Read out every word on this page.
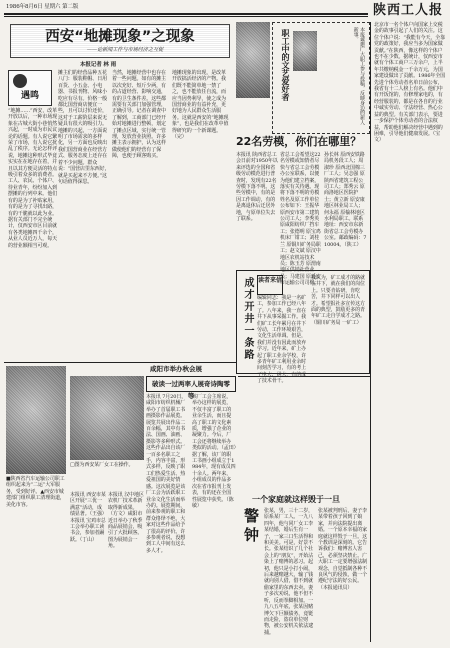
1986年8月6日 星期六 第二版	陕西工人报
西安“地摊现象”之现象
——论新闻工作与市场经济之互促
本报记者 林 雨
遇鸣
“地摊……”西安，改革开放以后，一种市场现象在古城大街小巷悄然兴起，一时成为市民议论的话题。有人说它繁荣了市场，有人说它扰乱了秩序。无论怎样评说，地摊这种形式毕竟实实在在地存在着，并且以其方便灵活的特点吸引着众多的消费者。工人、农民、个体户、待业青年，纷纷加入到摆摊的行列中来。他们有的是为了补贴家用，有的是为了寻找出路，有的干脆就以此为业。据有关部门不完全统计，仅西安市区目前就有各类地摊四千余个，从业人员近万人，每天的营业额相当可观。
摊主们的经营品种五花八门：服装鞋帽、日用百货、小五金、小电器、书报刊物、风味小吃应有尽有。价格一般都比国营商店便宜一些，且可以讨价还价，这对于工薪阶层来说无疑具有很大的吸引力。地摊的兴起，一方面说明了市场需求的多样化，另一方面也反映出我们国营商业在经营方式、服务态度上还存在着不少问题。群众说：“国营店里东西好，就是买起来不方便。”这句话值得深思。
当然，地摊经营中也存在着一些问题。如有的摊主以次充好、短斤少两，有的占道经营、影响交通，有的卫生条件差。这些都需要有关部门加强管理，正确引导。记者在调查中了解到，工商部门已经开始对地摊进行整顿，划定了摊点区域，实行统一管理，发放营业执照。许多摊主表示拥护，认为这样做使他们的经营有了保障，也便于顾客购买。
地摊现象的出现，是改革开放搞活经济的产物。我们既不能简单地一禁了之，也不能放任自流，而应当因势利导，使之成为国营商业的有益补充，更好地为人民群众生活服务。这就是西安的“地摊现象”，也是我们在改革中值得研究的一个新课题。（完）
本报诚邀广大职工参与投稿，反映身边的新人新事。
职工中的文艺爱好者
北京市一名个体户向国家上交税金的故事引起了人们的关注。这位个体户说：“我能有今天，全靠党的政策好，我应当多为国家做贡献。”在陕西，像这样的个体户也不在少数。据统计，仅西安市就有个体工商户三万余户，上半年共缴纳税金一千余万元，为国家建设做出了贡献。1986年全国先进个体劳动者名单日前公布，我省有十二人榜上有名。他们中有开饭馆的，有修理家电的，有经营服装的，都是在各自的行业中诚实劳动、守法经营、热心公益的典型。有关部门表示，要进一步保护个体劳动者的合法权益，帮助他们解决经营中遇到的困难，引导他们健康发展。（宝文）
22名劳模，你们在哪里？
本报讯 陕西省总工会日前对1950年以来评选的全国和省级劳动模范进行普查时，发现有22名劳模下落不明。这些劳模中，有的是因工作调动，有的是离退休后迁居外地，与原单位失去了联系。
省总工会希望这22名劳模或知情者尽快与省总工会劳模办公室联系，以便为他们建立档案，落实有关待遇。现将下落不明的劳模姓名及原工作单位公布如下：王振华 原西安市第二建筑公司工人；李秀英 原咸阳纺织厂挡车工；张德明 原宝鸡机床厂钳工；刘桂兰 原铜川矿务局职工；赵文斌 原汉中地区农机站技术员；陈玉芳 原渭南地区供销社营业员；马建国 原延安市运输公司司机。
孙长林 原西安铁路局机务段工人；周淑珍 原西北国棉三厂工人；吴志强 原陕西省建筑工程公司工人；郑秀云 原商洛地区医院护士；黄立新 原安康地区林业局工人；何永福 原榆林地区水利局职工。联系地址：西安市东新街省总工会劳模办公室。邮政编码：710004。（陕工）
成才开井一条路 读者来信
编辑同志：我是一名矿工，参加工作已经八年了。八年来，我一直在井下从事采掘工作。我们矿工长年累月在井下劳动，工作环境艰苦，文化生活单调。但是，我们并没有因此而放弃学习。近年来，矿上办起了职工业余学校，许多青年矿工利用业余时间刻苦学习，有的考上了电大、函大，有的成了技术骨干。
我认为，矿工成才的路就在井下，就在我们的岗位上。只要肯钻研，肯吃苦，井下同样可以出人才。希望报社多宣传这方面的典型，鼓励更多的青年矿工走自学成才之路。（铜川矿务局 一矿工）
咸阳市举办秋会展
■陕西省汽车运输公司职工组织起来为“二运”大军服务，受到好评。▲西安市城建部门组织职工清理街道，美化市容。
□图为西安某厂女工在操作。
本报讯 西安市某区开展“三优一满意”活动，成绩显著。（王强）本报讯 宝鸡市总工会举办职工读书会，参加者踊跃。（丁山）
本报讯 汉中地区农机厂技术革新取得新成果。（方文）咸阳市近日举办了秋季商品展销会，吸引了大批顾客。图为展销会一角。
破读一过两率人展奇诗陶零等
本报讯 7月20日，咸阳市纺织机械厂举办了首届职工书画摄影作品展览。展览共展出作品二百余幅，其中有书法、国画、油画、摄影等多种形式。这些作品出自该厂一百多名职工之手，内容丰富，形式多样，反映了职工们热爱生活、热爱祖国的美好情感。这次展览是该厂工会为活跃职工业余文化生活而举办的。展览期间，前来参观的职工和群众络绎不绝，大家对这些作品给予了很高的评价。许多参观者说，没想到工人中间有这么多人才。
该厂工会主席说，举办这样的展览，不仅丰富了职工的业余生活，而且提高了职工的文化素质，增强了企业的凝聚力。今后，厂工会还将继续举办类似的活动。（孟田）据了解，该厂的职工书画小组成立于1984年，现有成员四十余人。两年来，小组成员的作品多次在省市报刊上发表，有的还在全国性展览中获奖。（陈敏）
一个家庭就这样毁于一旦
警钟 张某，男，三十二岁，原系某厂工人。一九八四年，他与同厂女工李某结婚，婚后生有一子，一家三口生活得和和美美。可是，好景不长。张某结识了几个社会上的“朋友”，开始沾染上了赌博的恶习。起初，他只是小打小闹，后来越赌越大，输了钱就向别人借，借不到就偷家里的东西去卖。妻子多次劝说，他不但不听，反而拳脚相加。一九八五年底，张某因赌博欠下巨额债务，竟铤而走险，盗窃单位财物，被公安机关依法逮捕。
张某被判刑后，妻子李某带着孩子回到了娘家，并向法院提出离婚。一个原本幸福的家庭就这样毁于一旦。这个教训是深刻的。它告诉我们：赌博害人害己，必须坚决禁止。广大职工一定要增强法制观念，自觉抵制各种不良风气的侵蚀，做一个遵纪守法的好公民。（本报通讯员）
